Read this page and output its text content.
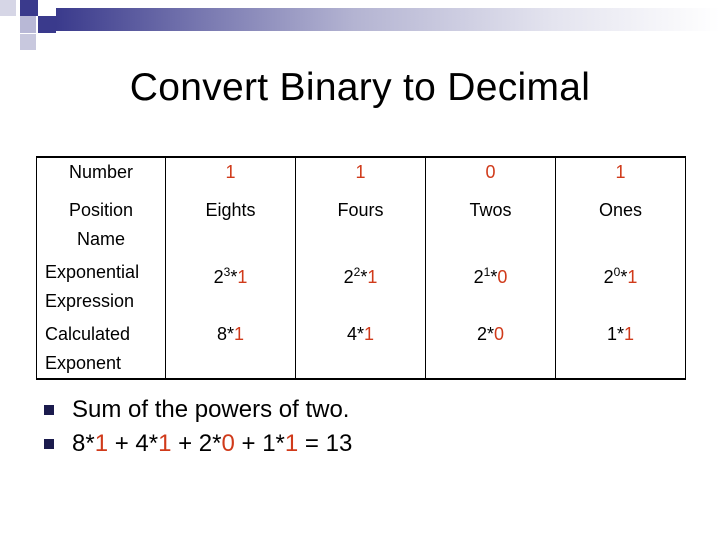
Convert Binary to Decimal
Number	1	1	0	1
Position
Name	Eights	Fours	Twos	Ones
Exponential
Expression	$2^3*1$	$2^2*1$	$2^1*0$	$2^0*1$
Calculated
Exponent	8*1	4*1	2*0	1*1
Sum of the powers of two.
8*1 + 4*1 + 2*0 + 1*1 = 13
